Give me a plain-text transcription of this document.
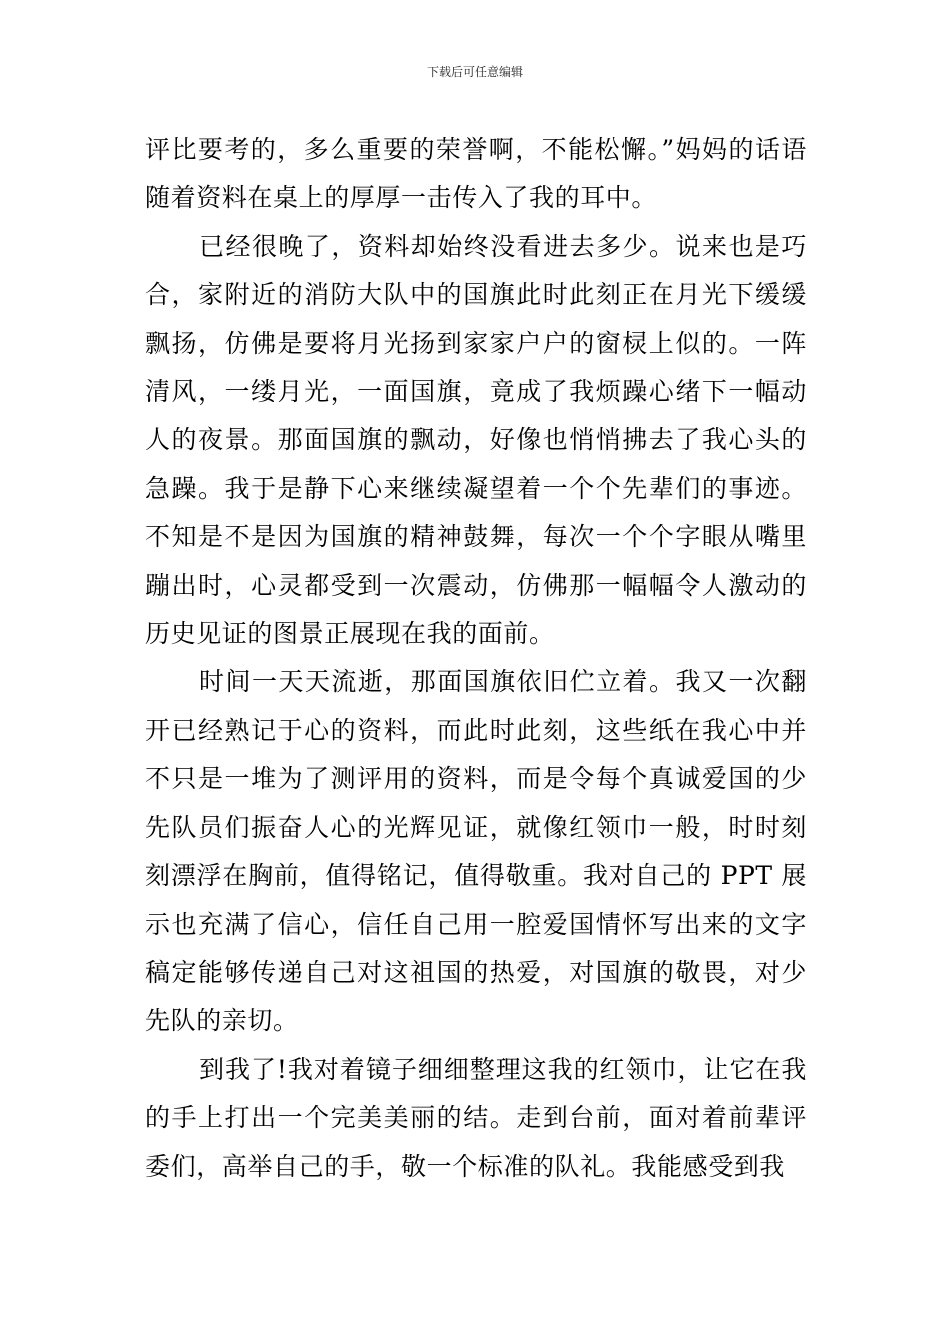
下载后可任意编辑

评比要考的，多么重要的荣誉啊，不能松懈。”妈妈的话语随着资料在桌上的厚厚一击传入了我的耳中。

已经很晚了，资料却始终没看进去多少。说来也是巧合，家附近的消防大队中的国旗此时此刻正在月光下缓缓飘扬，仿佛是要将月光扬到家家户户的窗棂上似的。一阵清风，一缕月光，一面国旗，竟成了我烦躁心绪下一幅动人的夜景。那面国旗的飘动，好像也悄悄拂去了我心头的急躁。我于是静下心来继续凝望着一个个先辈们的事迹。不知是不是因为国旗的精神鼓舞，每次一个个字眼从嘴里蹦出时，心灵都受到一次震动，仿佛那一幅幅令人激动的历史见证的图景正展现在我的面前。

时间一天天流逝，那面国旗依旧伫立着。我又一次翻开已经熟记于心的资料，而此时此刻，这些纸在我心中并不只是一堆为了测评用的资料，而是令每个真诚爱国的少先队员们振奋人心的光辉见证，就像红领巾一般，时时刻刻漂浮在胸前，值得铭记，值得敬重。我对自己的 PPT 展示也充满了信心，信任自己用一腔爱国情怀写出来的文字稿定能够传递自己对这祖国的热爱，对国旗的敬畏，对少先队的亲切。

到我了!我对着镜子细细整理这我的红领巾，让它在我的手上打出一个完美美丽的结。走到台前，面对着前辈评委们，高举自己的手，敬一个标准的队礼。我能感受到我
